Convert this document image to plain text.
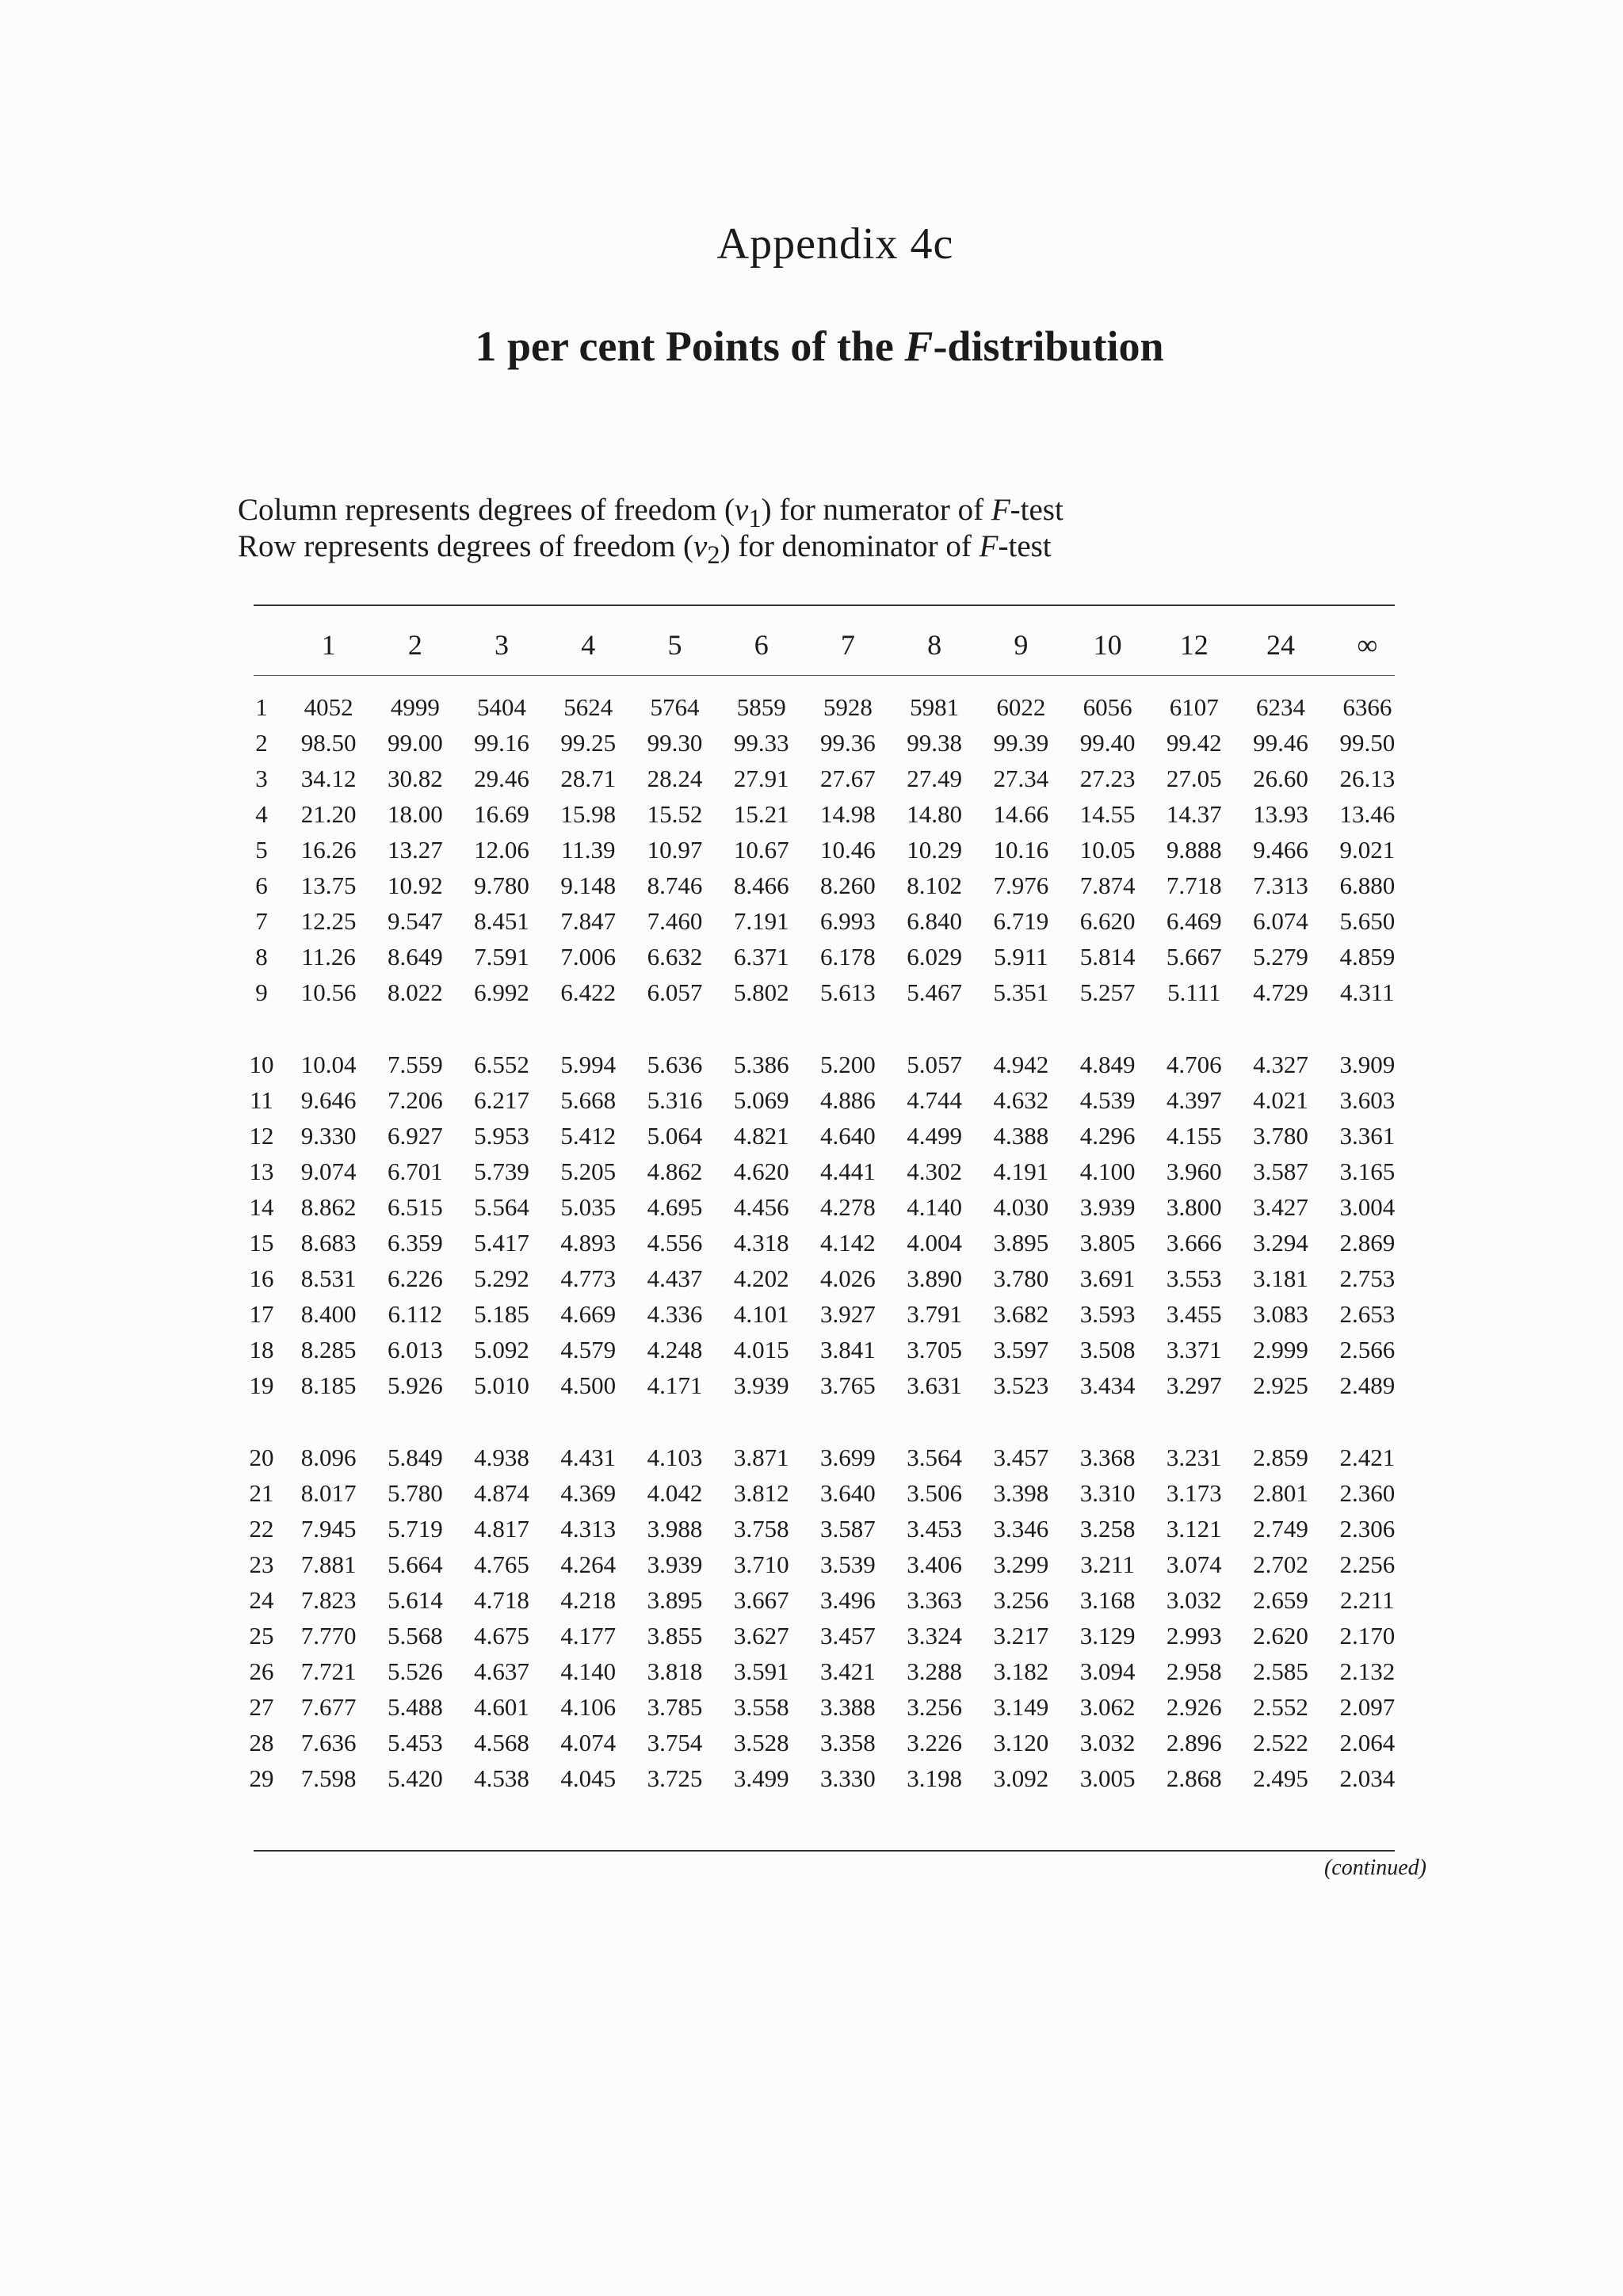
Appendix 4c
1 per cent Points of the F-distribution
Column represents degrees of freedom $(\nu_1)$ for numerator of F-test
Row represents degrees of freedom $(\nu_2)$ for denominator of F-test
	1	2	3	4	5	6	7	8	9	10	12	24	∞

1	4052	4999	5404	5624	5764	5859	5928	5981	6022	6056	6107	6234	6366
2	98.50	99.00	99.16	99.25	99.30	99.33	99.36	99.38	99.39	99.40	99.42	99.46	99.50
3	34.12	30.82	29.46	28.71	28.24	27.91	27.67	27.49	27.34	27.23	27.05	26.60	26.13
4	21.20	18.00	16.69	15.98	15.52	15.21	14.98	14.80	14.66	14.55	14.37	13.93	13.46
5	16.26	13.27	12.06	11.39	10.97	10.67	10.46	10.29	10.16	10.05	9.888	9.466	9.021
6	13.75	10.92	9.780	9.148	8.746	8.466	8.260	8.102	7.976	7.874	7.718	7.313	6.880
7	12.25	9.547	8.451	7.847	7.460	7.191	6.993	6.840	6.719	6.620	6.469	6.074	5.650
8	11.26	8.649	7.591	7.006	6.632	6.371	6.178	6.029	5.911	5.814	5.667	5.279	4.859
9	10.56	8.022	6.992	6.422	6.057	5.802	5.613	5.467	5.351	5.257	5.111	4.729	4.311

10	10.04	7.559	6.552	5.994	5.636	5.386	5.200	5.057	4.942	4.849	4.706	4.327	3.909
11	9.646	7.206	6.217	5.668	5.316	5.069	4.886	4.744	4.632	4.539	4.397	4.021	3.603
12	9.330	6.927	5.953	5.412	5.064	4.821	4.640	4.499	4.388	4.296	4.155	3.780	3.361
13	9.074	6.701	5.739	5.205	4.862	4.620	4.441	4.302	4.191	4.100	3.960	3.587	3.165
14	8.862	6.515	5.564	5.035	4.695	4.456	4.278	4.140	4.030	3.939	3.800	3.427	3.004
15	8.683	6.359	5.417	4.893	4.556	4.318	4.142	4.004	3.895	3.805	3.666	3.294	2.869
16	8.531	6.226	5.292	4.773	4.437	4.202	4.026	3.890	3.780	3.691	3.553	3.181	2.753
17	8.400	6.112	5.185	4.669	4.336	4.101	3.927	3.791	3.682	3.593	3.455	3.083	2.653
18	8.285	6.013	5.092	4.579	4.248	4.015	3.841	3.705	3.597	3.508	3.371	2.999	2.566
19	8.185	5.926	5.010	4.500	4.171	3.939	3.765	3.631	3.523	3.434	3.297	2.925	2.489

20	8.096	5.849	4.938	4.431	4.103	3.871	3.699	3.564	3.457	3.368	3.231	2.859	2.421
21	8.017	5.780	4.874	4.369	4.042	3.812	3.640	3.506	3.398	3.310	3.173	2.801	2.360
22	7.945	5.719	4.817	4.313	3.988	3.758	3.587	3.453	3.346	3.258	3.121	2.749	2.306
23	7.881	5.664	4.765	4.264	3.939	3.710	3.539	3.406	3.299	3.211	3.074	2.702	2.256
24	7.823	5.614	4.718	4.218	3.895	3.667	3.496	3.363	3.256	3.168	3.032	2.659	2.211
25	7.770	5.568	4.675	4.177	3.855	3.627	3.457	3.324	3.217	3.129	2.993	2.620	2.170
26	7.721	5.526	4.637	4.140	3.818	3.591	3.421	3.288	3.182	3.094	2.958	2.585	2.132
27	7.677	5.488	4.601	4.106	3.785	3.558	3.388	3.256	3.149	3.062	2.926	2.552	2.097
28	7.636	5.453	4.568	4.074	3.754	3.528	3.358	3.226	3.120	3.032	2.896	2.522	2.064
29	7.598	5.420	4.538	4.045	3.725	3.499	3.330	3.198	3.092	3.005	2.868	2.495	2.034
(continued)
